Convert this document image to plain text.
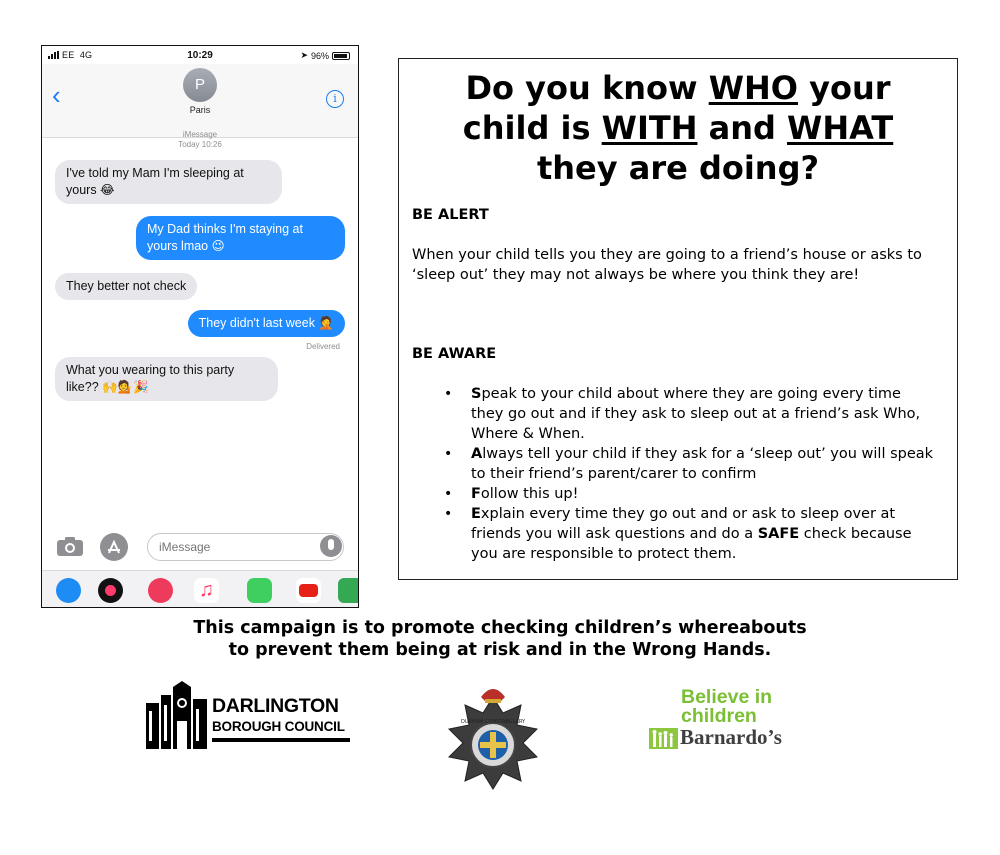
EE 4G	10:29	➤ 96%
‹	P
Paris
i
iMessage
Today 10:26
I've told my Mam I'm sleeping at yours 😂
My Dad thinks I'm staying at yours lmao 😉
They better not check
They didn't last week 🤦
Delivered
What you wearing to this party like?? 🙌💁🎉
iMessage
♫
Do you know WHO your
child is WITH and WHAT
they are doing?
BE ALERT
When your child tells you they are going to a friend’s house or asks to ‘sleep out’ they may not always be where you think they are!
BE AWARE
• Speak to your child about where they are going every time they go out and if they ask to sleep out at a friend’s ask Who, Where & When.
• Always tell your child if they ask for a ‘sleep out’ you will speak to their friend’s parent/carer to confirm
• Follow this up!
• Explain every time they go out and or ask to sleep over at friends you will ask questions and do a SAFE check because you are responsible to protect them.
This campaign is to promote checking children’s whereabouts
to prevent them being at risk and in the Wrong Hands.
DARLINGTON
BOROUGH COUNCIL	DURHAM CONSTABULARY
Believe in
children
Barnardo’s
